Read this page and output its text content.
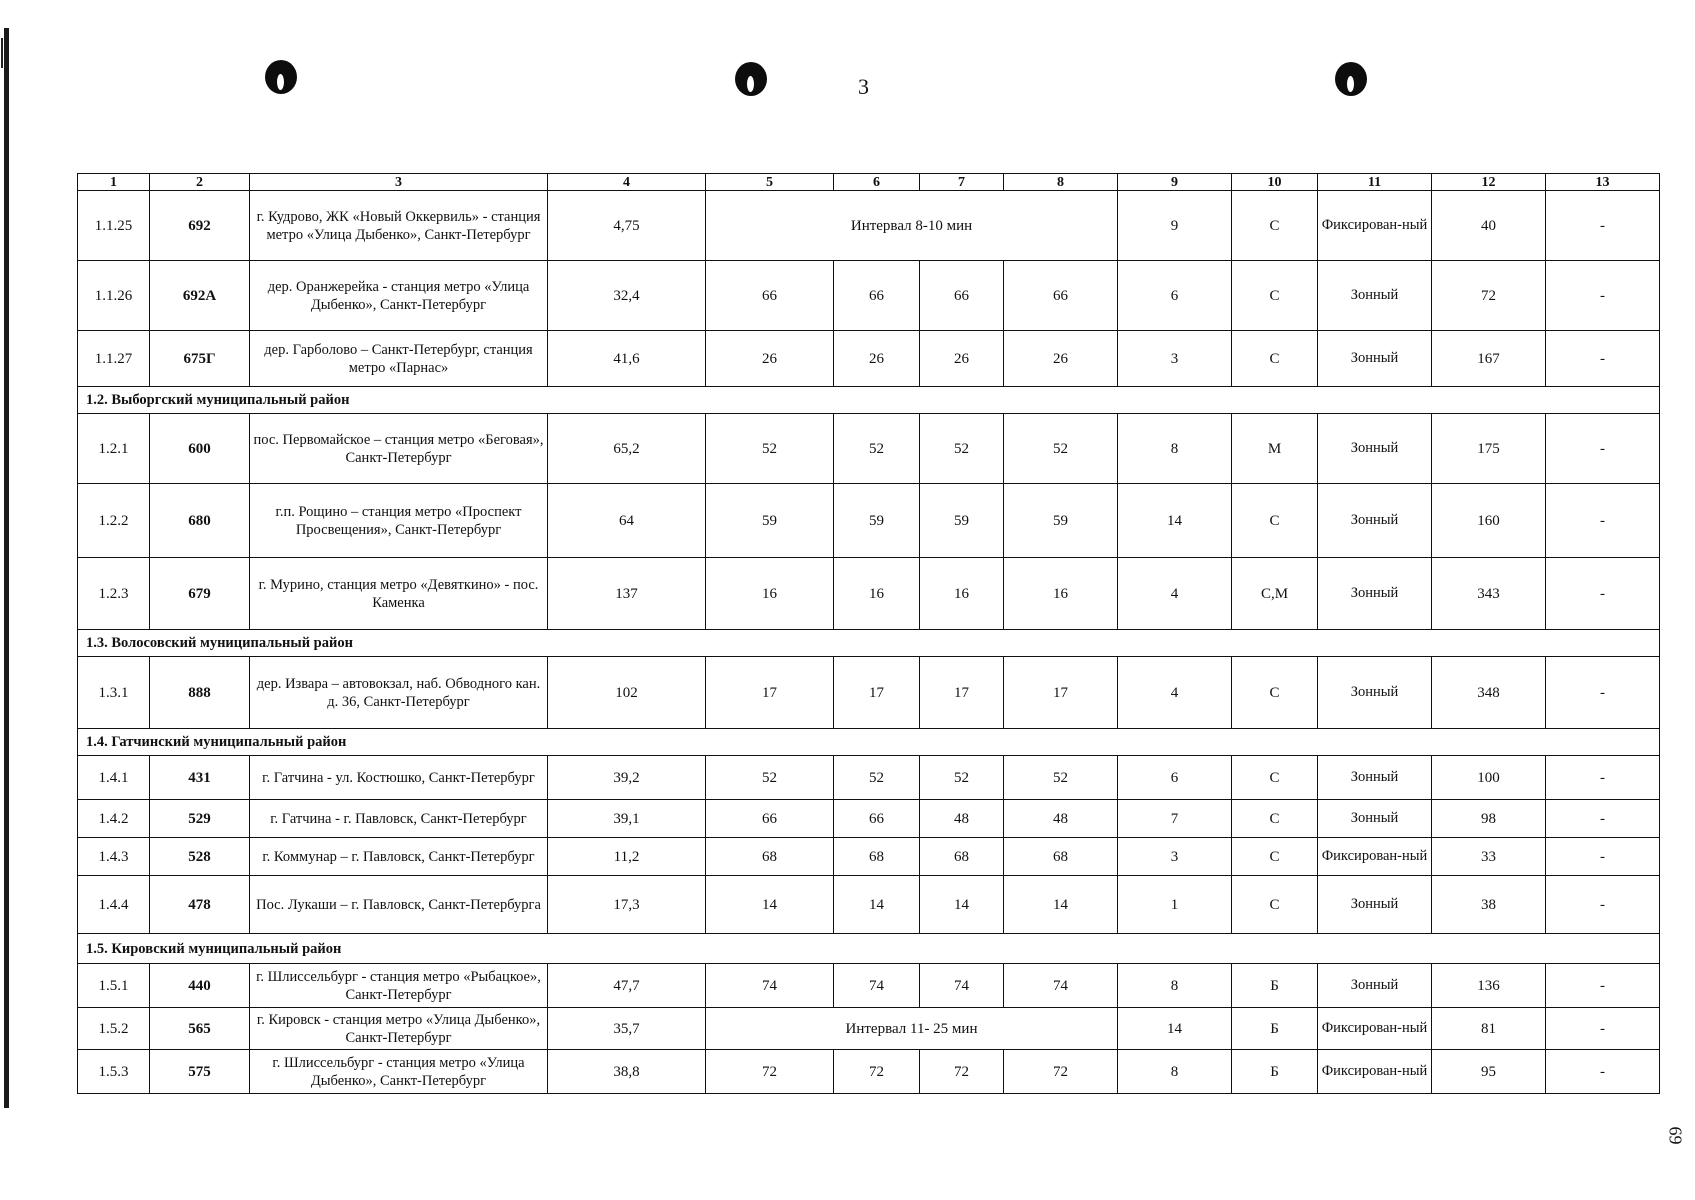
3
69
1	2	3	4	5	6	7	8	9	10	11	12	13
1.1.25	692	г. Кудрово, ЖК «Новый Оккервиль» - станция метро «Улица Дыбенко», Санкт-Петербург	4,75	Интервал 8-10 мин				9	С	Фиксирован-ный	40	-
1.1.26	692А	дер. Оранжерейка - станция метро «Улица Дыбенко», Санкт-Петербург	32,4	66	66	66	66	6	С	Зонный	72	-
1.1.27	675Г	дер. Гарболово – Санкт-Петербург, станция метро «Парнас»	41,6	26	26	26	26	3	С	Зонный	167	-
1.2. Выборгский муниципальный район												
1.2.1	600	пос. Первомайское – станция метро «Беговая», Санкт-Петербург	65,2	52	52	52	52	8	М	Зонный	175	-
1.2.2	680	г.п. Рощино – станция метро «Проспект Просвещения», Санкт-Петербург	64	59	59	59	59	14	С	Зонный	160	-
1.2.3	679	г. Мурино, станция метро «Девяткино» - пос. Каменка	137	16	16	16	16	4	С,М	Зонный	343	-
1.3. Волосовский муниципальный район												
1.3.1	888	дер. Извара – автовокзал, наб. Обводного кан. д. 36, Санкт-Петербург	102	17	17	17	17	4	С	Зонный	348	-
1.4. Гатчинский муниципальный район												
1.4.1	431	г. Гатчина - ул. Костюшко, Санкт-Петербург	39,2	52	52	52	52	6	С	Зонный	100	-
1.4.2	529	г. Гатчина - г. Павловск, Санкт-Петербург	39,1	66	66	48	48	7	С	Зонный	98	-
1.4.3	528	г. Коммунар – г. Павловск, Санкт-Петербург	11,2	68	68	68	68	3	С	Фиксирован-ный	33	-
1.4.4	478	Пос. Лукаши – г. Павловск, Санкт-Петербурга	17,3	14	14	14	14	1	С	Зонный	38	-
1.5. Кировский муниципальный район												
1.5.1	440	г. Шлиссельбург - станция метро «Рыбацкое», Санкт-Петербург	47,7	74	74	74	74	8	Б	Зонный	136	-
1.5.2	565	г. Кировск - станция метро «Улица Дыбенко», Санкт-Петербург	35,7	Интервал 11- 25 мин				14	Б	Фиксирован-ный	81	-
1.5.3	575	г. Шлиссельбург - станция метро «Улица Дыбенко», Санкт-Петербург	38,8	72	72	72	72	8	Б	Фиксирован-ный	95	-
